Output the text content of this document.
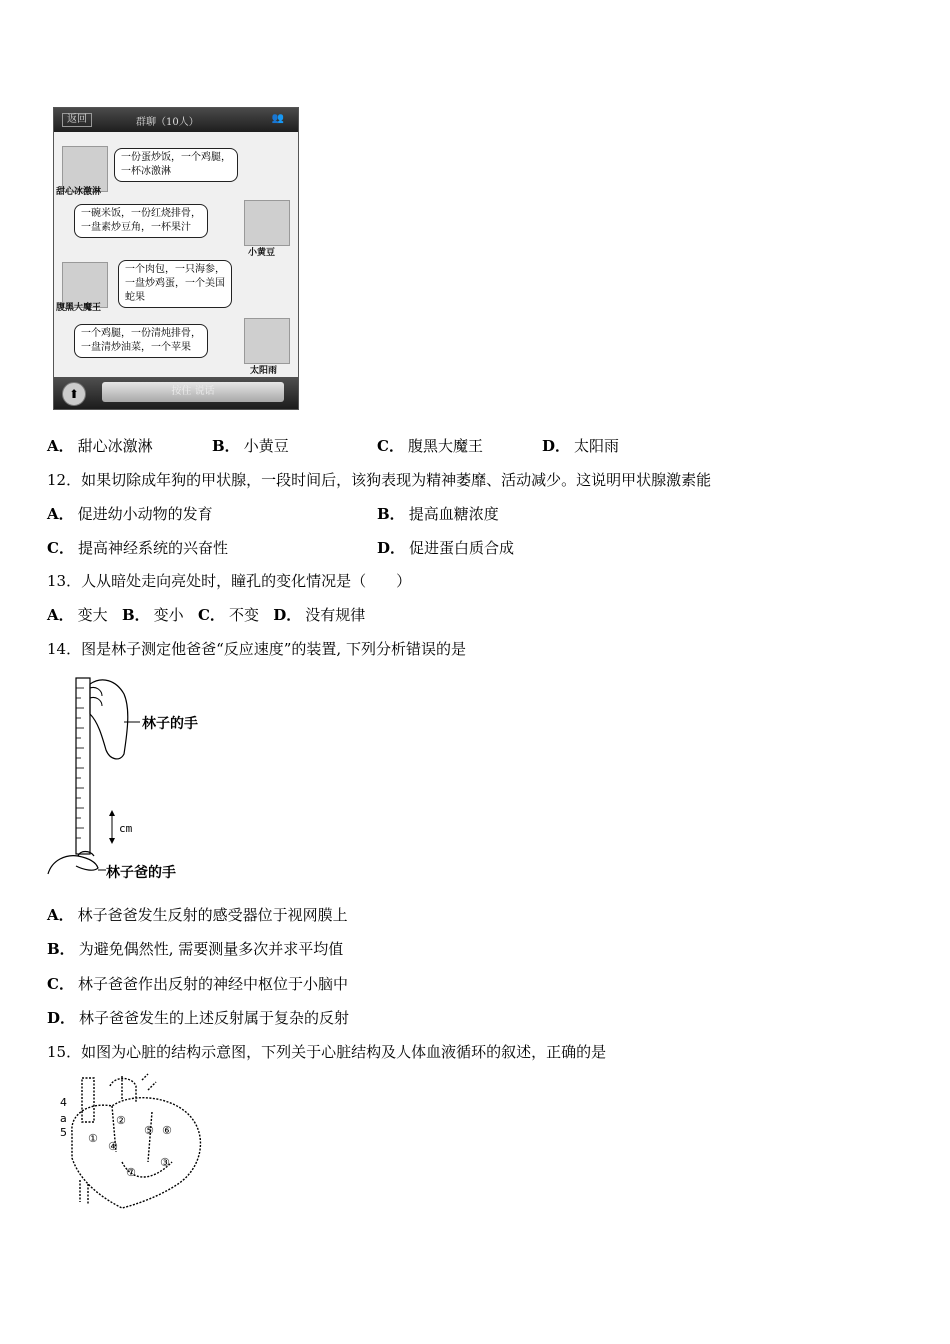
返回	群聊（10人）	👥
甜心冰激淋
一份蛋炒饭，一个鸡腿，
一杯冰激淋
一碗米饭，一份红烧排骨，
一盘素炒豆角，一杯果汁
小黄豆
腹黑大魔王
一个肉包，一只海参，
一盘炒鸡蛋，一个美国
蛇果
一个鸡腿，一份清炖排骨，
一盘清炒油菜，一个苹果
太阳雨
⬆	按住 说话
A． 甜心冰激淋	B． 小黄豆	C． 腹黑大魔王	D． 太阳雨
12．如果切除成年狗的甲状腺，一段时间后，该狗表现为精神萎靡、活动减少。这说明甲状腺激素能
A． 促进幼小动物的发育	B． 提高血糖浓度
C． 提高神经系统的兴奋性	D． 促进蛋白质合成
13．人从暗处走向亮处时，瞳孔的变化情况是（　　）
A． 变大 B． 变小 C． 不变 D． 没有规律
14．图是林子测定他爸爸“反应速度”的装置, 下列分析错误的是
林子的手
cm
林子爸的手
A． 林子爸爸发生反射的感受器位于视网膜上
B． 为避免偶然性, 需要测量多次并求平均值
C． 林子爸爸作出反射的神经中枢位于小脑中
D． 林子爸爸发生的上述反射属于复杂的反射
15．如图为心脏的结构示意图，下列关于心脏结构及人体血液循环的叙述，正确的是
4
a
5 ①
②
③
④
⑤ ⑥
⑦
